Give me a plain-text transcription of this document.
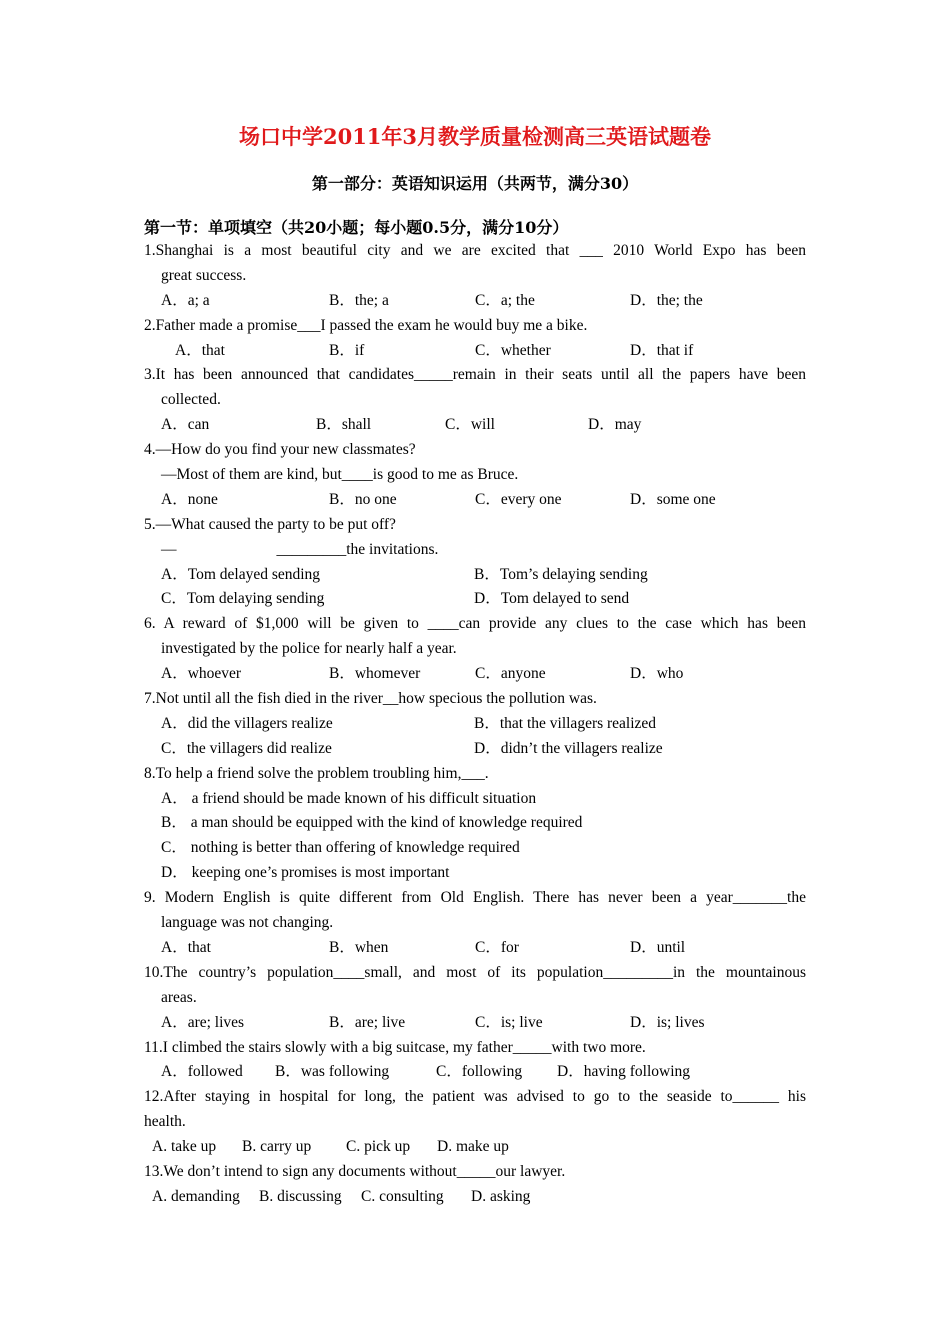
场口中学2011年3月教学质量检测高三英语试题卷
第一部分：英语知识运用（共两节，满分30）
第一节：单项填空（共20小题；每小题0.5分，满分10分）
1.Shanghai is a most beautiful city and we are excited that ___ 2010 World Expo has been
great success.
A．a; a	B．the; a	C．a; the	D．the; the
2.Father made a promise___I passed the exam he would buy me a bike.
A．that	B．if	C．whether	D．that if
3.It has been announced that candidates_____remain in their seats until all the papers have been
collected.
A．can	B．shall	C．will	D．may
4.—How do you find your new classmates?
—Most of them are kind, but____is good to me as Bruce.
A．none	B．no one	C．every one	D．some one
5.—What caused the party to be put off?
—	_________the invitations.
A．Tom delayed sending	B．Tom’s delaying sending
C．Tom delaying sending	D．Tom delayed to send
6. A reward of $1,000 will be given to ____can provide any clues to the case which has been
investigated by the police for nearly half a year.
A．whoever	B．whomever	C．anyone	D．who
7.Not until all the fish died in the river__how specious the pollution was.
A．did the villagers realize	B．that the villagers realized
C．the villagers did realize	D．didn’t the villagers realize
8.To help a friend solve the problem troubling him,___.
A． a friend should be made known of his difficult situation
B． a man should be equipped with the kind of knowledge required
C． nothing is better than offering of knowledge required
D． keeping one’s promises is most important
9. Modern English is quite different from Old English. There has never been a year_______the
language was not changing.
A．that	B．when	C．for	D．until
10.The country’s population____small, and most of its population_________in the mountainous
areas.
A．are; lives	B．are; live	C．is; live	D．is; lives
11.I climbed the stairs slowly with a big suitcase, my father_____with two more.
A．followed B．was following	C．following D．having following
12.After staying in hospital for long, the patient was advised to go to the seaside to______ his
health.
A. take up B. carry up C. pick up D. make up
13.We don’t intend to sign any documents without_____our lawyer.
A. demanding B. discussing C. consulting D. asking
